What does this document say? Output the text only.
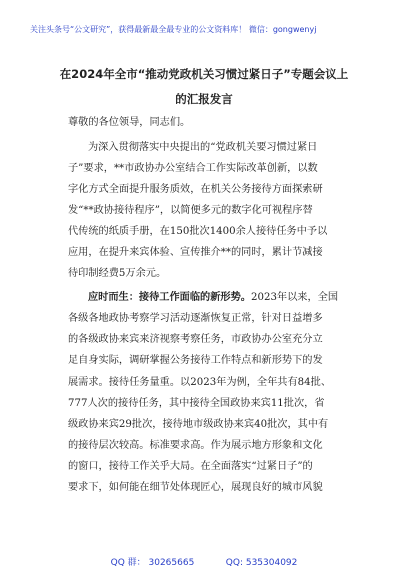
关注头条号“公文研究”，获得最新最全最专业的公文资料库！ 微信：gongwenyj
在2024年全市“推动党政机关习惯过紧日子”专题会议上
的汇报发言
尊敬的各位领导，同志们。
为深入贯彻落实中央提出的“党政机关要习惯过紧日
子”要求，**市政协办公室结合工作实际改革创新，以数
字化方式全面提升服务质效，在机关公务接待方面探索研
发“**政协接待程序”，以简便多元的数字化可视程序替
代传统的纸质手册，在150批次1400余人接待任务中予以
应用，在提升来宾体验、宣传推介**的同时，累计节减接
待印制经费5万余元。
应时而生：接待工作面临的新形势。2023年以来，全国
各级各地政协考察学习活动逐渐恢复正常，针对日益增多
的各级政协来宾来济视察考察任务，市政协办公室充分立
足自身实际，调研掌握公务接待工作特点和新形势下的发
展需求。接待任务量重。以2023年为例，全年共有84批、
777人次的接待任务，其中接待全国政协来宾11批次，省
级政协来宾29批次，接待地市级政协来宾40批次，其中有
的接待层次较高。标准要求高。作为展示地方形象和文化
的窗口，接待工作关乎大局。在全面落实“过紧日子”的
要求下，如何能在细节处体现匠心，展现良好的城市风貌
QQ 群： 30265665           QQ: 535304092
